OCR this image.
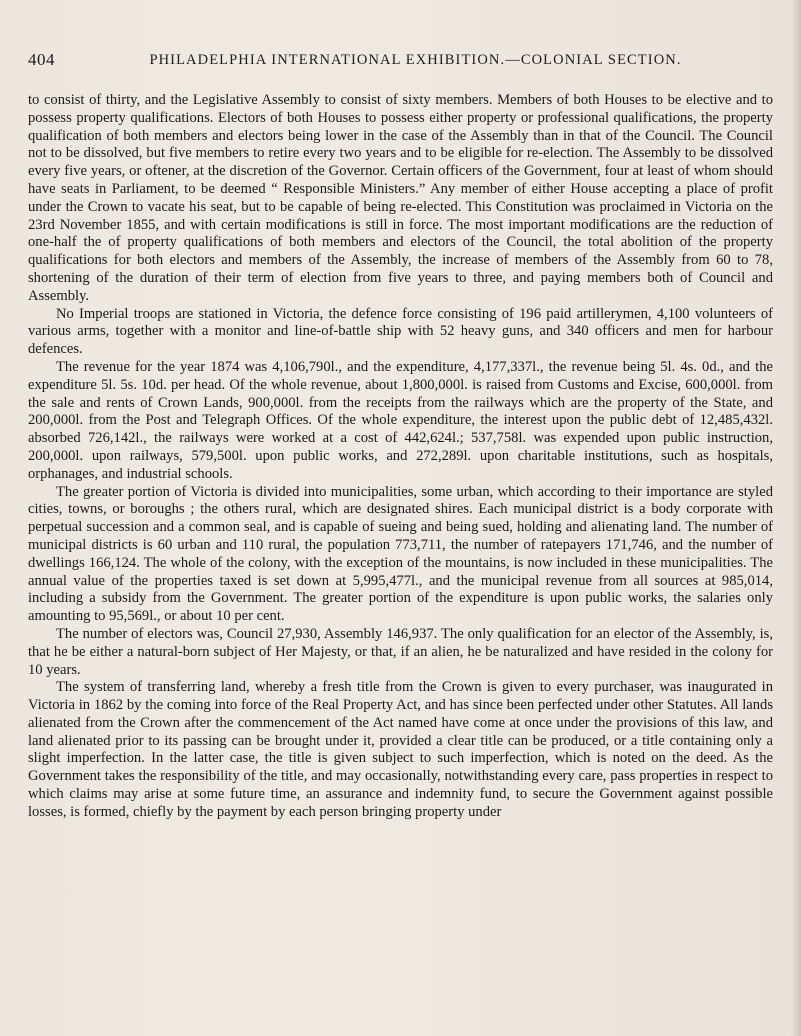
404	PHILADELPHIA INTERNATIONAL EXHIBITION.—COLONIAL SECTION.

to consist of thirty, and the Legislative Assembly to consist of sixty members. Members of both Houses to be elective and to possess property qualifications. Electors of both Houses to possess either property or professional qualifications, the property qualification of both members and electors being lower in the case of the Assembly than in that of the Council. The Council not to be dissolved, but five members to retire every two years and to be eligible for re-election. The Assembly to be dissolved every five years, or oftener, at the discretion of the Governor. Certain officers of the Government, four at least of whom should have seats in Parliament, to be deemed “ Responsible Ministers.” Any member of either House accepting a place of profit under the Crown to vacate his seat, but to be capable of being re-elected. This Constitution was proclaimed in Victoria on the 23rd November 1855, and with certain modifications is still in force. The most important modifications are the reduction of one-half the of property qualifications of both members and electors of the Council, the total abolition of the property qualifications for both electors and members of the Assembly, the increase of members of the Assembly from 60 to 78, shortening of the duration of their term of election from five years to three, and paying members both of Council and Assembly.

No Imperial troops are stationed in Victoria, the defence force consisting of 196 paid artillerymen, 4,100 volunteers of various arms, together with a monitor and line-of-battle ship with 52 heavy guns, and 340 officers and men for harbour defences.

The revenue for the year 1874 was 4,106,790l., and the expenditure, 4,177,337l., the revenue being 5l. 4s. 0d., and the expenditure 5l. 5s. 10d. per head. Of the whole revenue, about 1,800,000l. is raised from Customs and Excise, 600,000l. from the sale and rents of Crown Lands, 900,000l. from the receipts from the railways which are the property of the State, and 200,000l. from the Post and Telegraph Offices. Of the whole expenditure, the interest upon the public debt of 12,485,432l. absorbed 726,142l., the railways were worked at a cost of 442,624l.; 537,758l. was expended upon public instruction, 200,000l. upon railways, 579,500l. upon public works, and 272,289l. upon charitable institutions, such as hospitals, orphanages, and industrial schools.

The greater portion of Victoria is divided into municipalities, some urban, which according to their importance are styled cities, towns, or boroughs ; the others rural, which are designated shires. Each municipal district is a body corporate with perpetual succession and a common seal, and is capable of sueing and being sued, holding and alienating land. The number of municipal districts is 60 urban and 110 rural, the population 773,711, the number of ratepayers 171,746, and the number of dwellings 166,124. The whole of the colony, with the exception of the mountains, is now included in these municipalities. The annual value of the properties taxed is set down at 5,995,477l., and the municipal revenue from all sources at 985,014, including a subsidy from the Government. The greater portion of the expenditure is upon public works, the salaries only amounting to 95,569l., or about 10 per cent.

The number of electors was, Council 27,930, Assembly 146,937. The only qualification for an elector of the Assembly, is, that he be either a natural-born subject of Her Majesty, or that, if an alien, he be naturalized and have resided in the colony for 10 years.

The system of transferring land, whereby a fresh title from the Crown is given to every purchaser, was inaugurated in Victoria in 1862 by the coming into force of the Real Property Act, and has since been perfected under other Statutes. All lands alienated from the Crown after the commencement of the Act named have come at once under the provisions of this law, and land alienated prior to its passing can be brought under it, provided a clear title can be produced, or a title containing only a slight imperfection. In the latter case, the title is given subject to such imperfection, which is noted on the deed. As the Government takes the responsibility of the title, and may occasionally, notwithstanding every care, pass properties in respect to which claims may arise at some future time, an assurance and indemnity fund, to secure the Government against possible losses, is formed, chiefly by the payment by each person bringing property under
